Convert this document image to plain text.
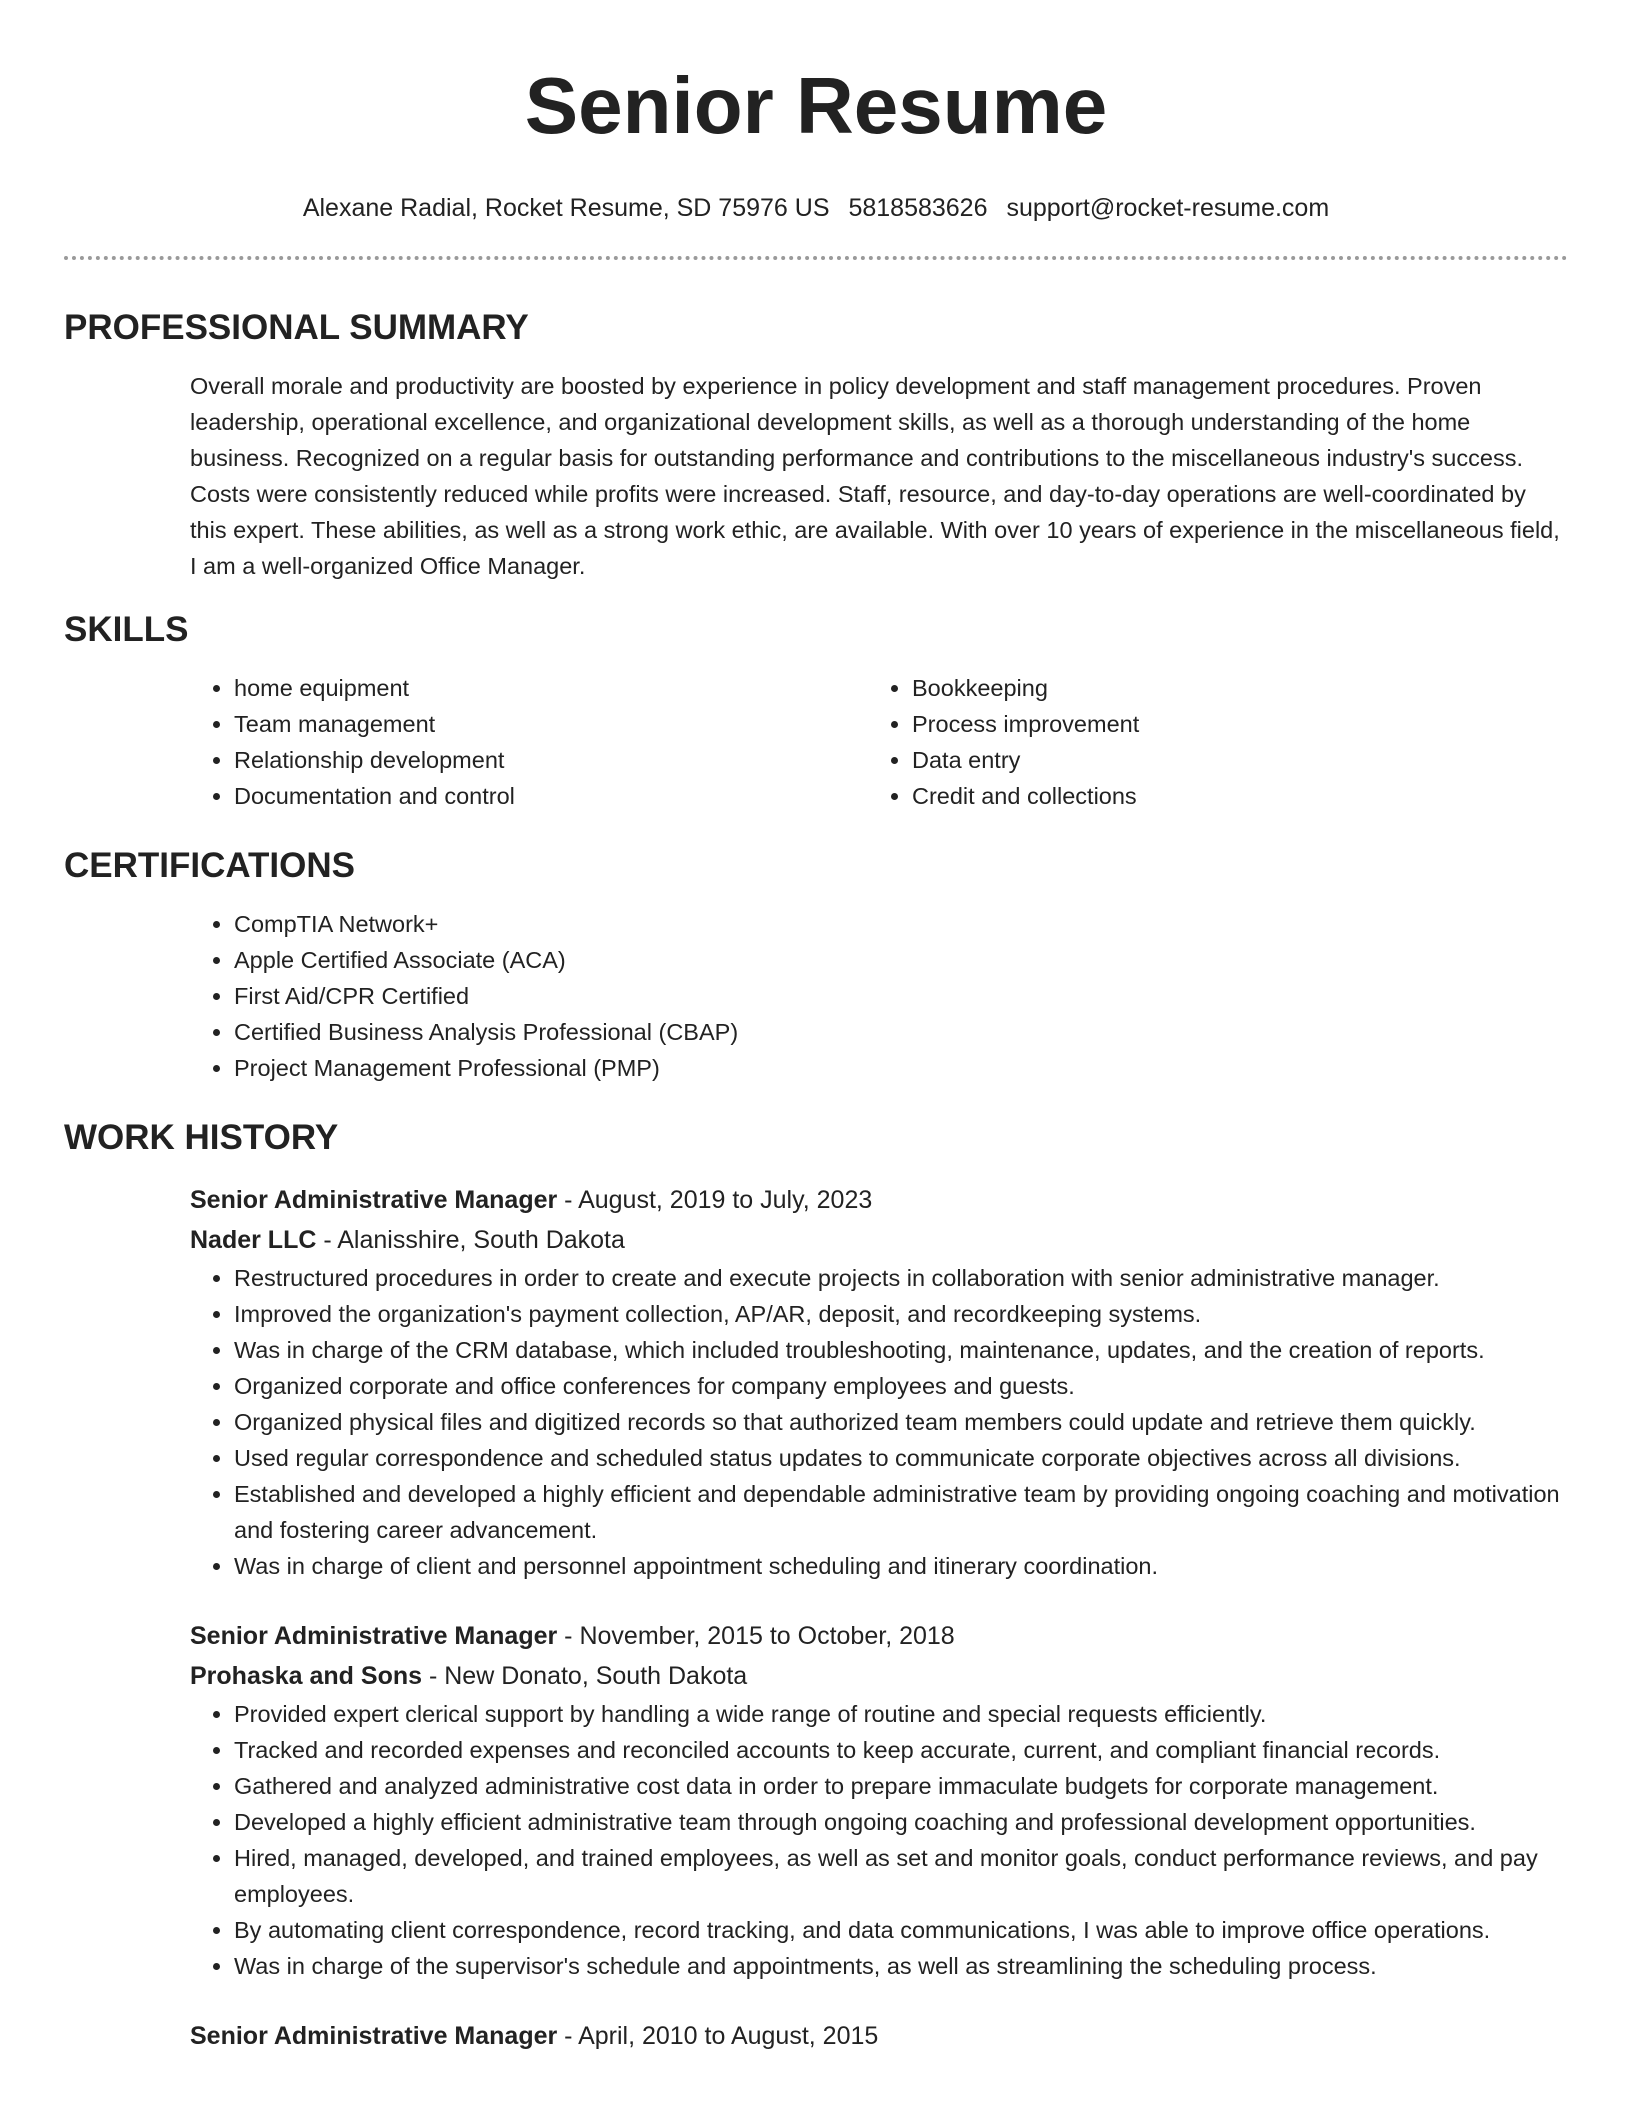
Senior Resume
Alexane Radial, Rocket Resume, SD 75976 US 5818583626 support@rocket-resume.com
PROFESSIONAL SUMMARY
Overall morale and productivity are boosted by experience in policy development and staff management procedures. Proven leadership, operational excellence, and organizational development skills, as well as a thorough understanding of the home business. Recognized on a regular basis for outstanding performance and contributions to the miscellaneous industry's success. Costs were consistently reduced while profits were increased. Staff, resource, and day-to-day operations are well-coordinated by this expert. These abilities, as well as a strong work ethic, are available. With over 10 years of experience in the miscellaneous field, I am a well-organized Office Manager.
SKILLS
• home equipment
• Team management
• Relationship development
• Documentation and control
• Bookkeeping
• Process improvement
• Data entry
• Credit and collections
CERTIFICATIONS
• CompTIA Network+
• Apple Certified Associate (ACA)
• First Aid/CPR Certified
• Certified Business Analysis Professional (CBAP)
• Project Management Professional (PMP)
WORK HISTORY
Senior Administrative Manager - August, 2019 to July, 2023
Nader LLC - Alanisshire, South Dakota
• Restructured procedures in order to create and execute projects in collaboration with senior administrative manager.
• Improved the organization's payment collection, AP/AR, deposit, and recordkeeping systems.
• Was in charge of the CRM database, which included troubleshooting, maintenance, updates, and the creation of reports.
• Organized corporate and office conferences for company employees and guests.
• Organized physical files and digitized records so that authorized team members could update and retrieve them quickly.
• Used regular correspondence and scheduled status updates to communicate corporate objectives across all divisions.
• Established and developed a highly efficient and dependable administrative team by providing ongoing coaching and motivation and fostering career advancement.
• Was in charge of client and personnel appointment scheduling and itinerary coordination.
Senior Administrative Manager - November, 2015 to October, 2018
Prohaska and Sons - New Donato, South Dakota
• Provided expert clerical support by handling a wide range of routine and special requests efficiently.
• Tracked and recorded expenses and reconciled accounts to keep accurate, current, and compliant financial records.
• Gathered and analyzed administrative cost data in order to prepare immaculate budgets for corporate management.
• Developed a highly efficient administrative team through ongoing coaching and professional development opportunities.
• Hired, managed, developed, and trained employees, as well as set and monitor goals, conduct performance reviews, and pay employees.
• By automating client correspondence, record tracking, and data communications, I was able to improve office operations.
• Was in charge of the supervisor's schedule and appointments, as well as streamlining the scheduling process.
Senior Administrative Manager - April, 2010 to August, 2015
